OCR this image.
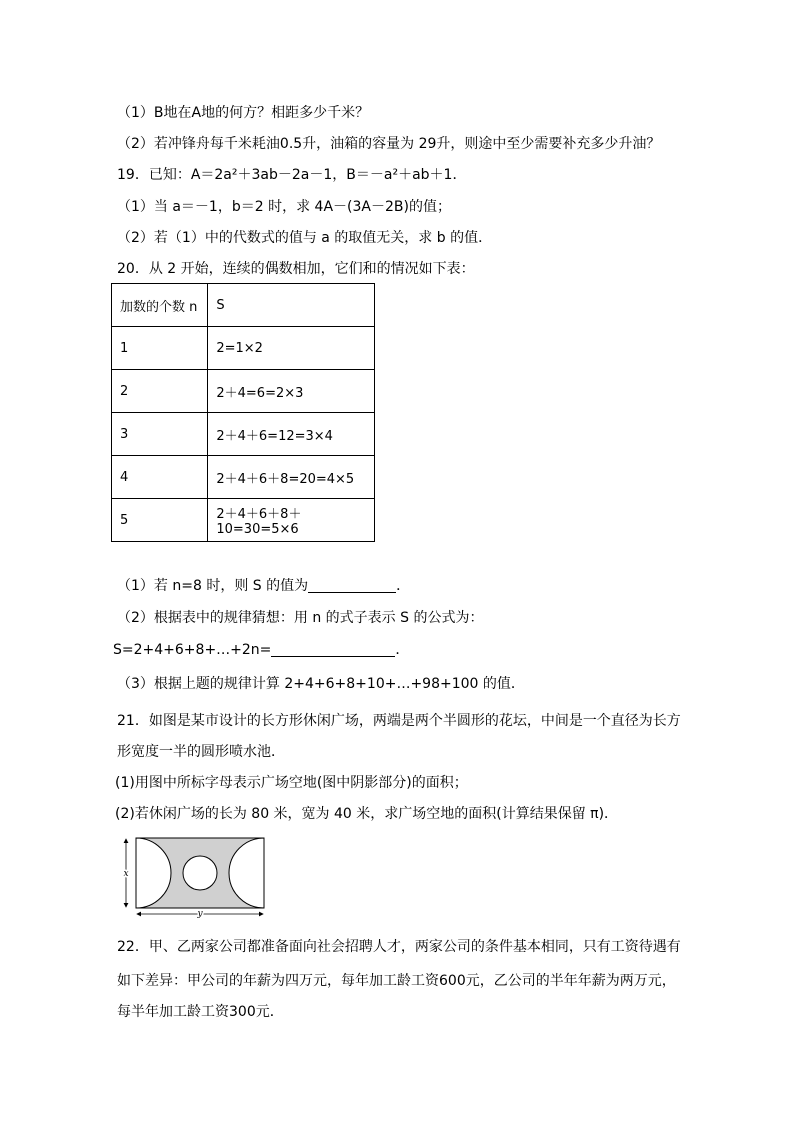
（1）B地在A地的何方？相距多少千米？
（2）若冲锋舟每千米耗油0.5升，油箱的容量为 29升，则途中至少需要补充多少升油？
19．已知：A＝2a²＋3ab－2a－1，B＝－a²＋ab＋1．
（1）当 a＝－1，b＝2 时，求 4A－(3A－2B)的值；
（2）若（1）中的代数式的值与 a 的取值无关，求 b 的值．
20．从 2 开始，连续的偶数相加，它们和的情况如下表：
加数的个数 n	S
1	2=1×2
2	2＋4=6=2×3
3	2＋4＋6=12=3×4
4	2＋4＋6＋8=20=4×5
5	2＋4＋6＋8＋10=30=5×6
（1）若 n=8 时，则 S 的值为	．
（2）根据表中的规律猜想：用 n 的式子表示 S 的公式为：
S=2+4+6+8+…+2n=	．
（3）根据上题的规律计算 2+4+6+8+10+…+98+100 的值．
21．如图是某市设计的长方形休闲广场，两端是两个半圆形的花坛，中间是一个直径为长方
形宽度一半的圆形喷水池．
(1)用图中所标字母表示广场空地(图中阴影部分)的面积；
(2)若休闲广场的长为 80 米，宽为 40 米，求广场空地的面积(计算结果保留 π)．
x
y
22．甲、乙两家公司都准备面向社会招聘人才，两家公司的条件基本相同，只有工资待遇有
如下差异：甲公司的年薪为四万元，每年加工龄工资600元，乙公司的半年年薪为两万元，
每半年加工龄工资300元．
